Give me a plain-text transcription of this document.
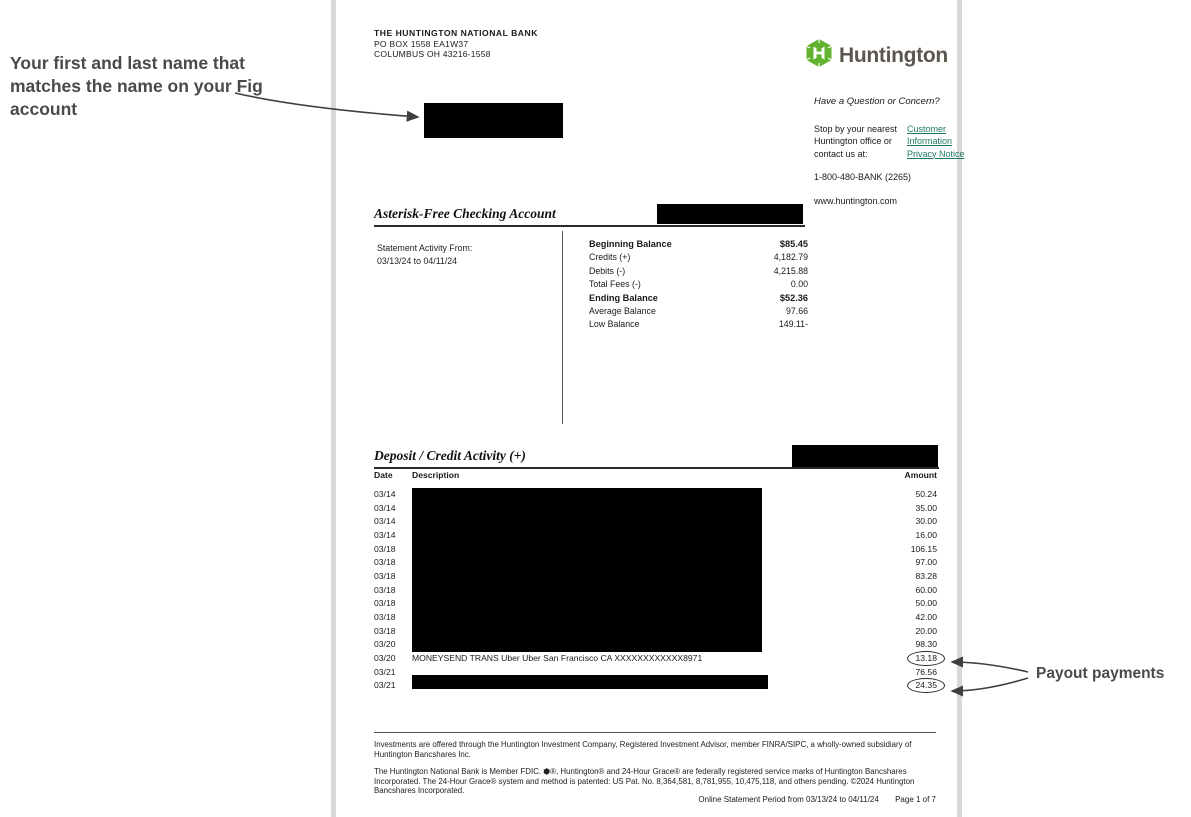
THE HUNTINGTON NATIONAL BANK
PO BOX 1558 EA1W37
COLUMBUS OH 43216-1558	Huntington
Have a Question or Concern?
Stop by your nearest
Huntington office or
contact us at:
Customer Information
Privacy Notice
1-800-480-BANK (2265)
www.huntington.com
Asterisk-Free Checking Account
Statement Activity From:
03/13/24 to 04/11/24
Beginning Balance	$85.45
Credits (+)	4,182.79
Debits (-)	4,215.88
Total Fees (-)	0.00
Ending Balance	$52.36
Average Balance	97.66
Low Balance	149.11-
Deposit / Credit Activity (+)
Date	Description	Amount
03/14	50.24
03/14	35.00
03/14	30.00
03/14	16.00
03/18	106.15
03/18	97.00
03/18	83.28
03/18	60.00
03/18	50.00
03/18	42.00
03/18	20.00
03/20	98.30
03/20	MONEYSEND TRANS Uber Uber San Francisco CA XXXXXXXXXXXX8971	13.18
03/21	76.56
03/21	24.35

Investments are offered through the Huntington Investment Company, Registered Investment Advisor, member FINRA/SIPC, a wholly-owned subsidiary of Huntington Bancshares Inc.

The Huntington National Bank is Member FDIC. ⬢®, Huntington® and 24-Hour Grace® are federally registered service marks of Huntington Bancshares Incorporated. The 24-Hour Grace® system and method is patented: US Pat. No. 8,364,581, 8,781,955, 10,475,118, and others pending. ©2024 Huntington Bancshares Incorporated.

Online Statement Period from 03/13/24 to 04/11/24 Page 1 of 7
Your first and last name that matches the name on your Fig account
Payout payments
